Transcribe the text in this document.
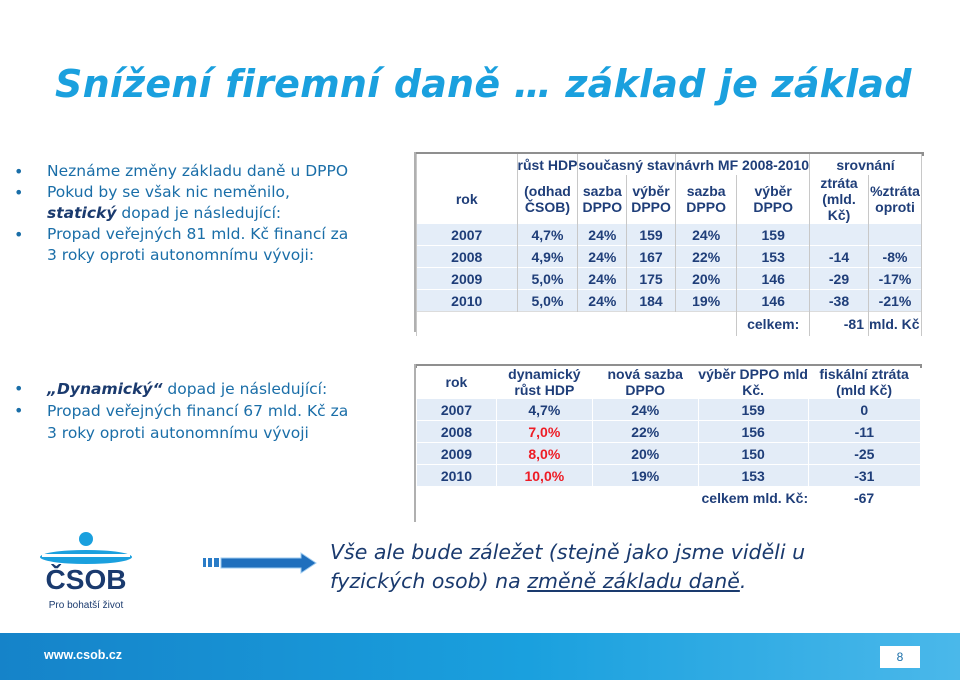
Snížení firemní daně … základ je základ
• Neznáme změny základu daně u DPPO
• Pokud by se však nic neměnilo,
statický dopad je následující:
• Propad veřejných 81 mld. Kč financí za
3 roky oproti autonomnímu vývoji:
	růst HDP	současný stav		návrh MF 2008-2010		srovnání	
rok	(odhad ČSOB)	sazba DPPO	výběr DPPO	sazba DPPO	výběr DPPO	ztráta (mld. Kč)	%ztráta oproti
2007	4,7%	24%	159	24%	159		
2008	4,9%	24%	167	22%	153	-14	-8%
2009	5,0%	24%	175	20%	146	-29	-17%
2010	5,0%	24%	184	19%	146	-38	-21%
					celkem:	-81	mld. Kč
• „Dynamický“ dopad je následující:
• Propad veřejných financí 67 mld. Kč za
3 roky oproti autonomnímu vývoji
rok	dynamický růst HDP	nová sazba DPPO	výběr DPPO mld Kč.	fiskální ztráta (mld Kč)
2007	4,7%	24%	159	0
2008	7,0%	22%	156	-11
2009	8,0%	20%	150	-25
2010	10,0%	19%	153	-31
			celkem mld. Kč:	-67
ČSOB
Pro bohatší život
Vše ale bude záležet (stejně jako jsme viděli u
fyzických osob) na změně základu daně.
www.csob.cz	8
